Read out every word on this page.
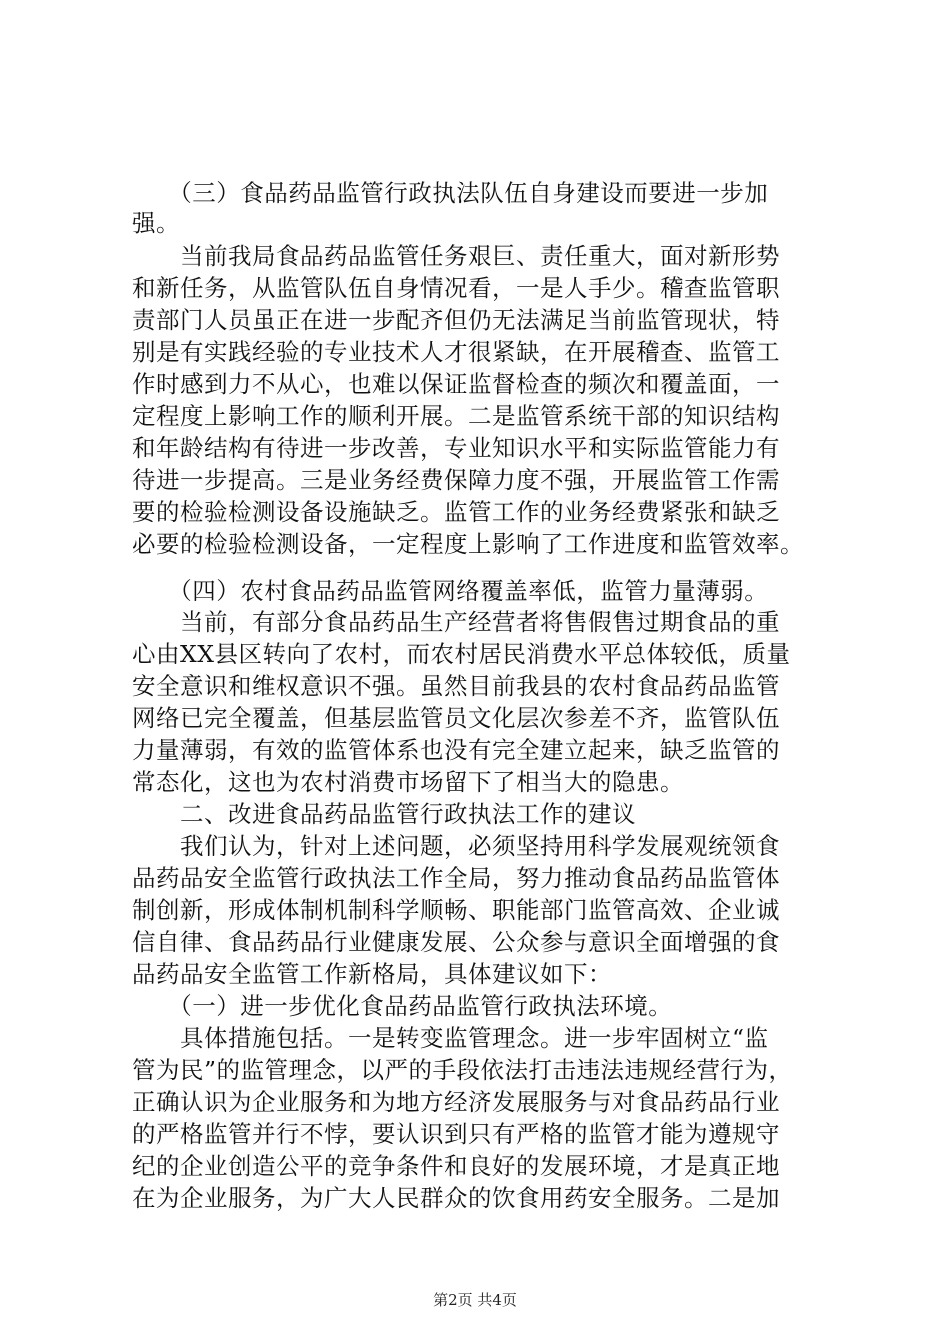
　　（三）食品药品监管行政执法队伍自身建设而要进一步加
强。
　　当前我局食品药品监管任务艰巨、责任重大，面对新形势
和新任务，从监管队伍自身情况看，一是人手少。稽查监管职
责部门人员虽正在进一步配齐但仍无法满足当前监管现状，特
别是有实践经验的专业技术人才很紧缺，在开展稽查、监管工
作时感到力不从心，也难以保证监督检查的频次和覆盖面，一
定程度上影响工作的顺利开展。二是监管系统干部的知识结构
和年龄结构有待进一步改善，专业知识水平和实际监管能力有
待进一步提高。三是业务经费保障力度不强，开展监管工作需
要的检验检测设备设施缺乏。监管工作的业务经费紧张和缺乏
必要的检验检测设备，一定程度上影响了工作进度和监管效率。
　　（四）农村食品药品监管网络覆盖率低，监管力量薄弱。
　　当前，有部分食品药品生产经营者将售假售过期食品的重
心由XX县区转向了农村，而农村居民消费水平总体较低，质量
安全意识和维权意识不强。虽然目前我县的农村食品药品监管
网络已完全覆盖，但基层监管员文化层次参差不齐，监管队伍
力量薄弱，有效的监管体系也没有完全建立起来，缺乏监管的
常态化，这也为农村消费市场留下了相当大的隐患。
　　二、改进食品药品监管行政执法工作的建议
　　我们认为，针对上述问题，必须坚持用科学发展观统领食
品药品安全监管行政执法工作全局，努力推动食品药品监管体
制创新，形成体制机制科学顺畅、职能部门监管高效、企业诚
信自律、食品药品行业健康发展、公众参与意识全面增强的食
品药品安全监管工作新格局，具体建议如下：
　　（一）进一步优化食品药品监管行政执法环境。
　　具体措施包括。一是转变监管理念。进一步牢固树立“监
管为民”的监管理念，以严的手段依法打击违法违规经营行为，
正确认识为企业服务和为地方经济发展服务与对食品药品行业
的严格监管并行不悖，要认识到只有严格的监管才能为遵规守
纪的企业创造公平的竞争条件和良好的发展环境，才是真正地
在为企业服务，为广大人民群众的饮食用药安全服务。二是加
第2页 共4页
